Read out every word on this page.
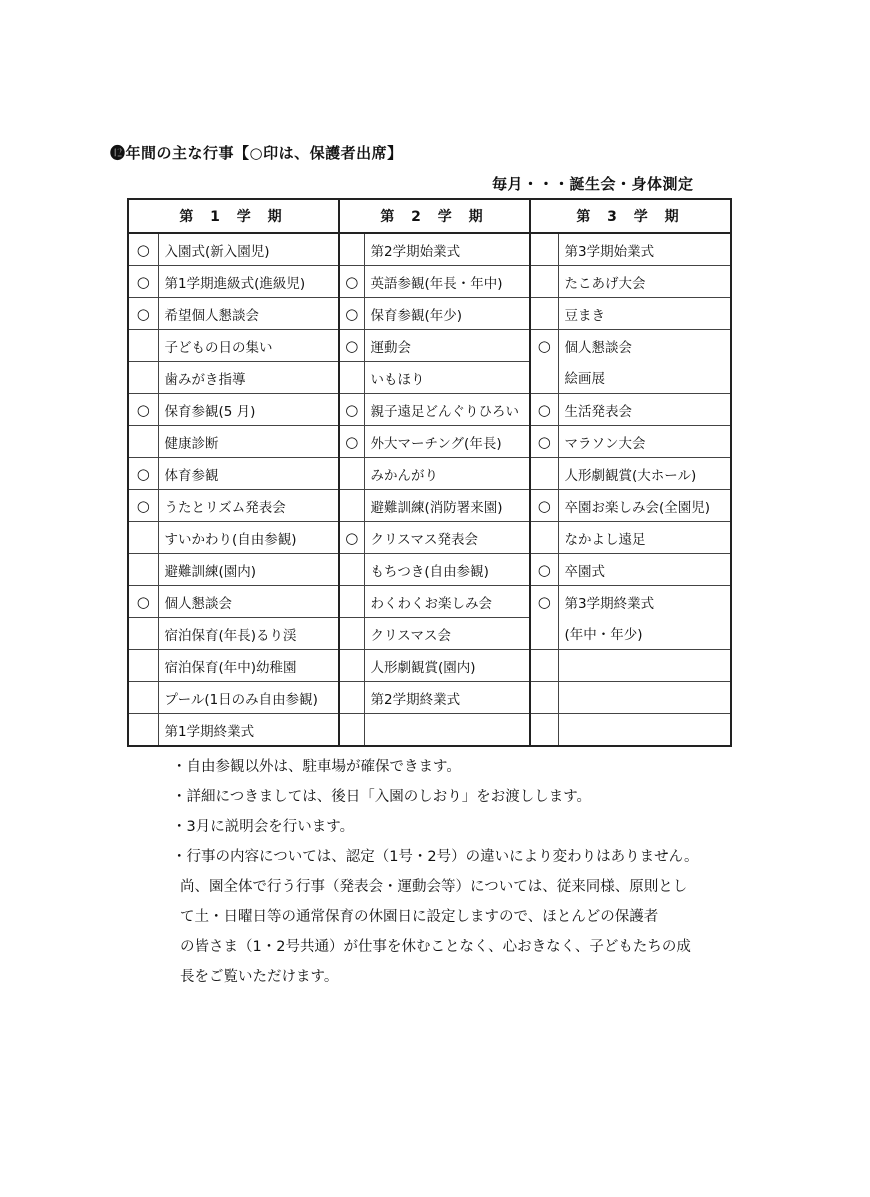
⓬年間の主な行事【○印は、保護者出席】
毎月・・・誕生会・身体測定
第 1 学 期		第 2 学 期		第 3 学 期	
○	入園式(新入園児)		第2学期始業式		第3学期始業式
○	第1学期進級式(進級児)	○	英語参観(年長・年中)		たこあげ大会
○	希望個人懇談会	○	保育参観(年少)		豆まき
	子どもの日の集い	○	運動会	○	個人懇談会
	歯みがき指導		いもほり		絵画展
○	保育参観(5 月)	○	親子遠足どんぐりひろい	○	生活発表会
	健康診断	○	外大マーチング(年長)	○	マラソン大会
○	体育参観		みかんがり		人形劇観賞(大ホール)
○	うたとリズム発表会		避難訓練(消防署来園)	○	卒園お楽しみ会(全園児)
	すいかわり(自由参観)	○	クリスマス発表会		なかよし遠足
	避難訓練(園内)		もちつき(自由参観)	○	卒園式
○	個人懇談会		わくわくお楽しみ会	○	第3学期終業式
	宿泊保育(年長)るり渓		クリスマス会		(年中・年少)
	宿泊保育(年中)幼稚園		人形劇観賞(園内)		
	プール(1日のみ自由参観)		第2学期終業式		
	第1学期終業式				
・自由参観以外は、駐車場が確保できます。
・詳細につきましては、後日「入園のしおり」をお渡しします。
・3月に説明会を行います。
・行事の内容については、認定（1号・2号）の違いにより変わりはありません。
尚、園全体で行う行事（発表会・運動会等）については、従来同様、原則とし
て土・日曜日等の通常保育の休園日に設定しますので、ほとんどの保護者
の皆さま（1・2号共通）が仕事を休むことなく、心おきなく、子どもたちの成
長をご覧いただけます。
